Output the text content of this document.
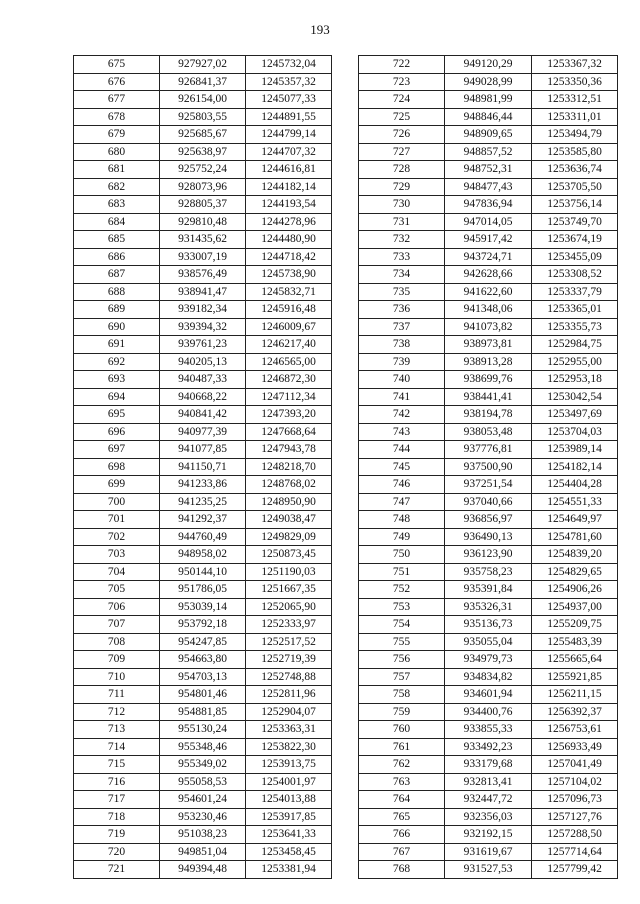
193
675	927927,02	1245732,04
676	926841,37	1245357,32
677	926154,00	1245077,33
678	925803,55	1244891,55
679	925685,67	1244799,14
680	925638,97	1244707,32
681	925752,24	1244616,81
682	928073,96	1244182,14
683	928805,37	1244193,54
684	929810,48	1244278,96
685	931435,62	1244480,90
686	933007,19	1244718,42
687	938576,49	1245738,90
688	938941,47	1245832,71
689	939182,34	1245916,48
690	939394,32	1246009,67
691	939761,23	1246217,40
692	940205,13	1246565,00
693	940487,33	1246872,30
694	940668,22	1247112,34
695	940841,42	1247393,20
696	940977,39	1247668,64
697	941077,85	1247943,78
698	941150,71	1248218,70
699	941233,86	1248768,02
700	941235,25	1248950,90
701	941292,37	1249038,47
702	944760,49	1249829,09
703	948958,02	1250873,45
704	950144,10	1251190,03
705	951786,05	1251667,35
706	953039,14	1252065,90
707	953792,18	1252333,97
708	954247,85	1252517,52
709	954663,80	1252719,39
710	954703,13	1252748,88
711	954801,46	1252811,96
712	954881,85	1252904,07
713	955130,24	1253363,31
714	955348,46	1253822,30
715	955349,02	1253913,75
716	955058,53	1254001,97
717	954601,24	1254013,88
718	953230,46	1253917,85
719	951038,23	1253641,33
720	949851,04	1253458,45
721	949394,48	1253381,94
722	949120,29	1253367,32
723	949028,99	1253350,36
724	948981,99	1253312,51
725	948846,44	1253311,01
726	948909,65	1253494,79
727	948857,52	1253585,80
728	948752,31	1253636,74
729	948477,43	1253705,50
730	947836,94	1253756,14
731	947014,05	1253749,70
732	945917,42	1253674,19
733	943724,71	1253455,09
734	942628,66	1253308,52
735	941622,60	1253337,79
736	941348,06	1253365,01
737	941073,82	1253355,73
738	938973,81	1252984,75
739	938913,28	1252955,00
740	938699,76	1252953,18
741	938441,41	1253042,54
742	938194,78	1253497,69
743	938053,48	1253704,03
744	937776,81	1253989,14
745	937500,90	1254182,14
746	937251,54	1254404,28
747	937040,66	1254551,33
748	936856,97	1254649,97
749	936490,13	1254781,60
750	936123,90	1254839,20
751	935758,23	1254829,65
752	935391,84	1254906,26
753	935326,31	1254937,00
754	935136,73	1255209,75
755	935055,04	1255483,39
756	934979,73	1255665,64
757	934834,82	1255921,85
758	934601,94	1256211,15
759	934400,76	1256392,37
760	933855,33	1256753,61
761	933492,23	1256933,49
762	933179,68	1257041,49
763	932813,41	1257104,02
764	932447,72	1257096,73
765	932356,03	1257127,76
766	932192,15	1257288,50
767	931619,67	1257714,64
768	931527,53	1257799,42
